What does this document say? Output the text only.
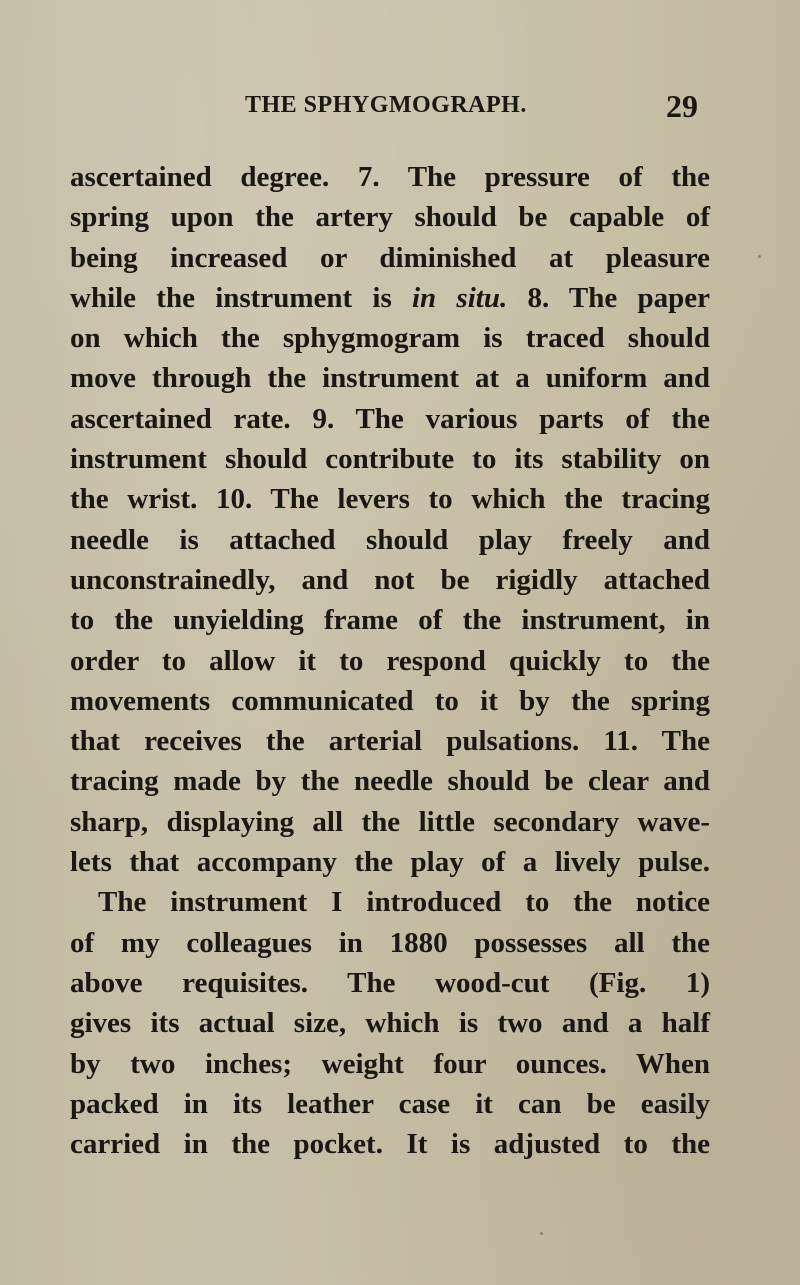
THE SPHYGMOGRAPH.	29
ascertained degree. 7. The pressure of the
spring upon the artery should be capable of
being increased or diminished at pleasure
while the instrument is in situ. 8. The paper
on which the sphygmogram is traced should
move through the instrument at a uniform and
ascertained rate. 9. The various parts of the
instrument should contribute to its stability on
the wrist. 10. The levers to which the tracing
needle is attached should play freely and
unconstrainedly, and not be rigidly attached
to the unyielding frame of the instrument, in
order to allow it to respond quickly to the
movements communicated to it by the spring
that receives the arterial pulsations. 11. The
tracing made by the needle should be clear and
sharp, displaying all the little secondary wave-
lets that accompany the play of a lively pulse.
The instrument I introduced to the notice
of my colleagues in 1880 possesses all the
above requisites. The wood-cut (Fig. 1)
gives its actual size, which is two and a half
by two inches; weight four ounces. When
packed in its leather case it can be easily
carried in the pocket. It is adjusted to the
